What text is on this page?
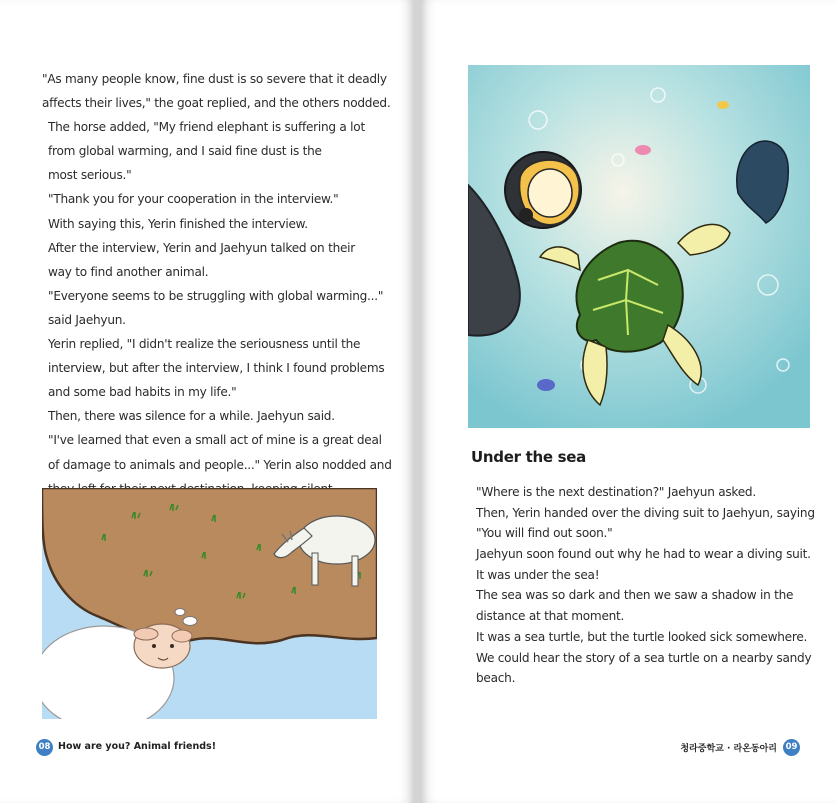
"As many people know, fine dust is so severe that it deadly
affects their lives," the goat replied, and the others nodded.
The horse added, "My friend elephant is suffering a lot
from global warming, and I said fine dust is the
most serious."
"Thank you for your cooperation in the interview."
With saying this, Yerin finished the interview.
After the interview, Yerin and Jaehyun talked on their
way to find another animal.
"Everyone seems to be struggling with global warming..."
said Jaehyun.
Yerin replied, "I didn't realize the seriousness until the
interview, but after the interview, I think I found problems
and some bad habits in my life."
Then, there was silence for a while. Jaehyun said.
"I've learned that even a small act of mine is a great deal
of damage to animals and people..." Yerin also nodded and	Under the sea
"Where is the next destination?" Jaehyun asked.
Then, Yerin handed over the diving suit to Jaehyun, saying
"You will find out soon."
Jaehyun soon found out why he had to wear a diving suit.
It was under the sea!
The sea was so dark and then we saw a shadow in the
distance at that moment.
It was a sea turtle, but the turtle looked sick somewhere.
We could hear the story of a sea turtle on a nearby sandy
beach.
08 How are you? Animal friends!	청라중학교 · 라온동아리	09
